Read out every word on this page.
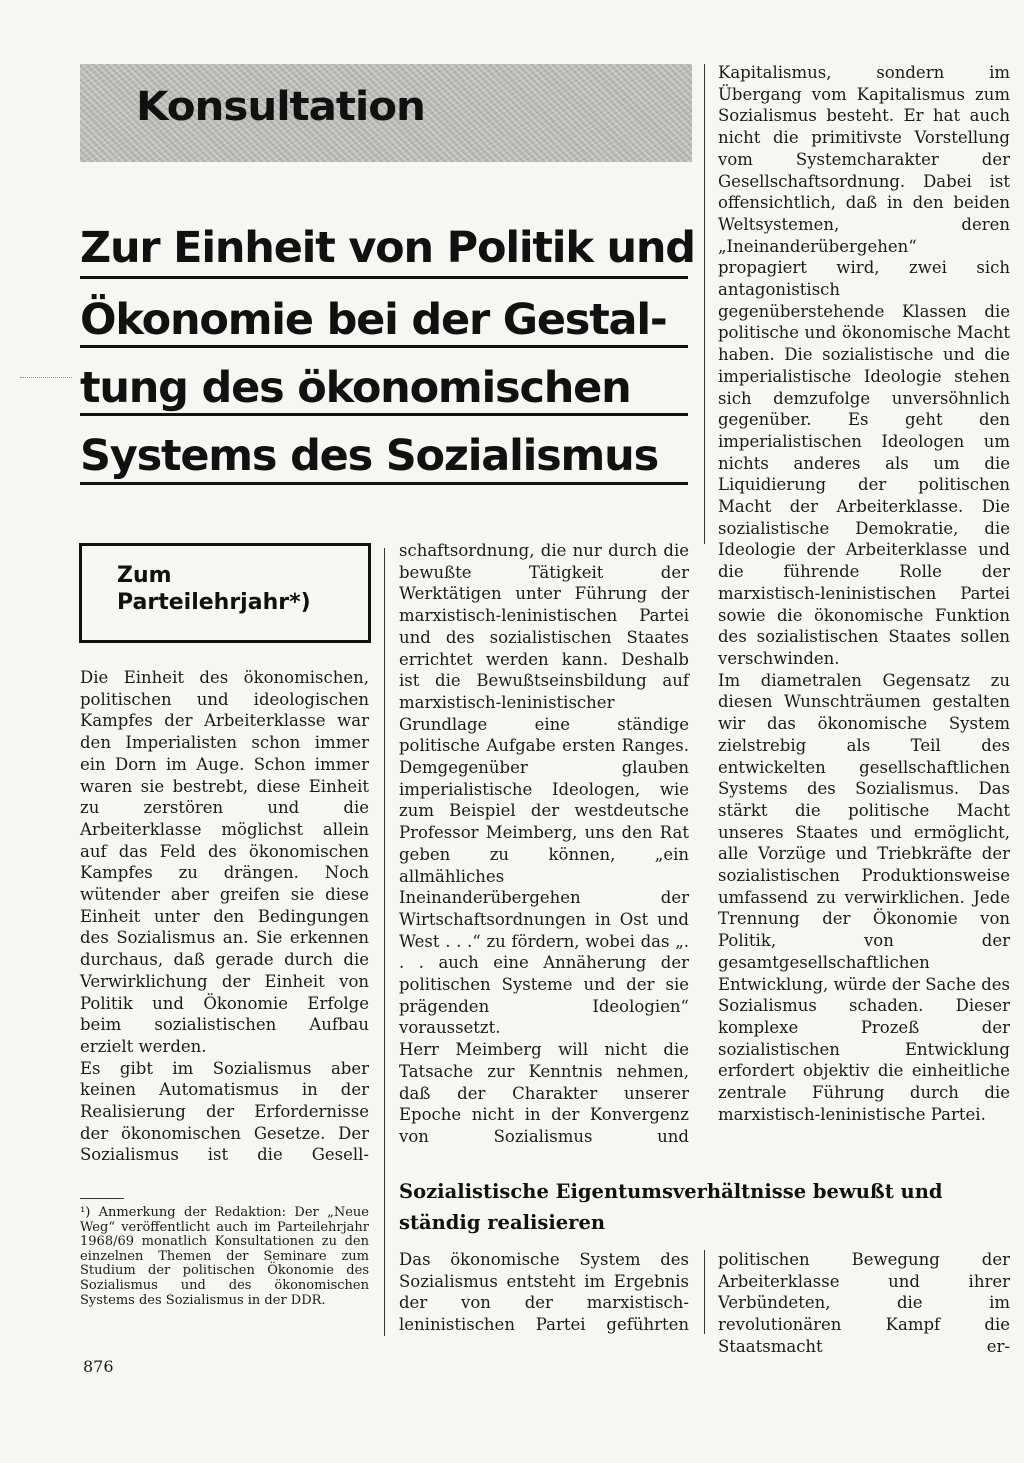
Konsultation
Zur Einheit von Politik und
Ökonomie bei der Gestal-
tung des ökonomischen
Systems des Sozialismus
Zum
Parteilehrjahr*)

Die Einheit des ökonomischen, politischen und ideologischen Kampfes der Arbeiterklasse war den Imperialisten schon immer ein Dorn im Auge. Schon immer waren sie bestrebt, diese Einheit zu zerstören und die Arbeiterklasse möglichst allein auf das Feld des ökonomischen Kampfes zu drängen. Noch wütender aber greifen sie diese Einheit unter den Bedingungen des Sozialismus an. Sie erkennen durchaus, daß gerade durch die Verwirklichung der Einheit von Politik und Ökonomie Erfolge beim sozialistischen Aufbau erzielt werden.

Es gibt im Sozialismus aber keinen Automatismus in der Realisierung der Erfordernisse der ökonomischen Gesetze. Der Sozialismus ist die Gesell-

schaftsordnung, die nur durch die bewußte Tätigkeit der Werktätigen unter Führung der marxistisch-leninistischen Partei und des sozialistischen Staates errichtet werden kann. Deshalb ist die Bewußtseinsbildung auf marxistisch-leninistischer Grundlage eine ständige politische Aufgabe ersten Ranges. Demgegenüber glauben imperialistische Ideologen, wie zum Beispiel der westdeutsche Professor Meimberg, uns den Rat geben zu können, „ein allmähliches Ineinanderübergehen der Wirtschaftsordnungen in Ost und West . . .“ zu fördern, wobei das „. . . auch eine Annäherung der politischen Systeme und der sie prägenden Ideologien“ voraussetzt.

Herr Meimberg will nicht die Tatsache zur Kenntnis nehmen, daß der Charakter unserer Epoche nicht in der Konvergenz von Sozialismus und

Kapitalismus, sondern im Übergang vom Kapitalismus zum Sozialismus besteht. Er hat auch nicht die primitivste Vorstellung vom Systemcharakter der Gesellschaftsordnung. Dabei ist offensichtlich, daß in den beiden Weltsystemen, deren „Ineinanderübergehen“ propagiert wird, zwei sich antagonistisch gegenüberstehende Klassen die politische und ökonomische Macht haben. Die sozialistische und die imperialistische Ideologie stehen sich demzufolge unversöhnlich gegenüber. Es geht den imperialistischen Ideologen um nichts anderes als um die Liquidierung der politischen Macht der Arbeiterklasse. Die sozialistische Demokratie, die Ideologie der Arbeiterklasse und die führende Rolle der marxistisch-leninistischen Partei sowie die ökonomische Funktion des sozialistischen Staates sollen verschwinden.

Im diametralen Gegensatz zu diesen Wunschträumen gestalten wir das ökonomische System zielstrebig als Teil des entwickelten gesellschaftlichen Systems des Sozialismus. Das stärkt die politische Macht unseres Staates und ermöglicht, alle Vorzüge und Triebkräfte der sozialistischen Produktionsweise umfassend zu verwirklichen. Jede Trennung der Ökonomie von Politik, von der gesamtgesellschaftlichen Entwicklung, würde der Sache des Sozialismus schaden. Dieser komplexe Prozeß der sozialistischen Entwicklung erfordert objektiv die einheitliche zentrale Führung durch die marxistisch-leninistische Partei.

¹) Anmerkung der Redaktion: Der „Neue Weg“ veröffentlicht auch im Parteilehrjahr 1968/69 monatlich Konsultationen zu den einzelnen Themen der Seminare zum Studium der politischen Ökonomie des Sozialismus und des ökonomischen Systems des Sozialismus in der DDR.
Sozialistische Eigentumsverhältnisse bewußt und ständig realisieren

Das ökonomische System des Sozialismus entsteht im Ergebnis der von der marxistisch-leninistischen Partei geführten

politischen Bewegung der Arbeiterklasse und ihrer Verbündeten, die im revolutionären Kampf die Staatsmacht er-

876
